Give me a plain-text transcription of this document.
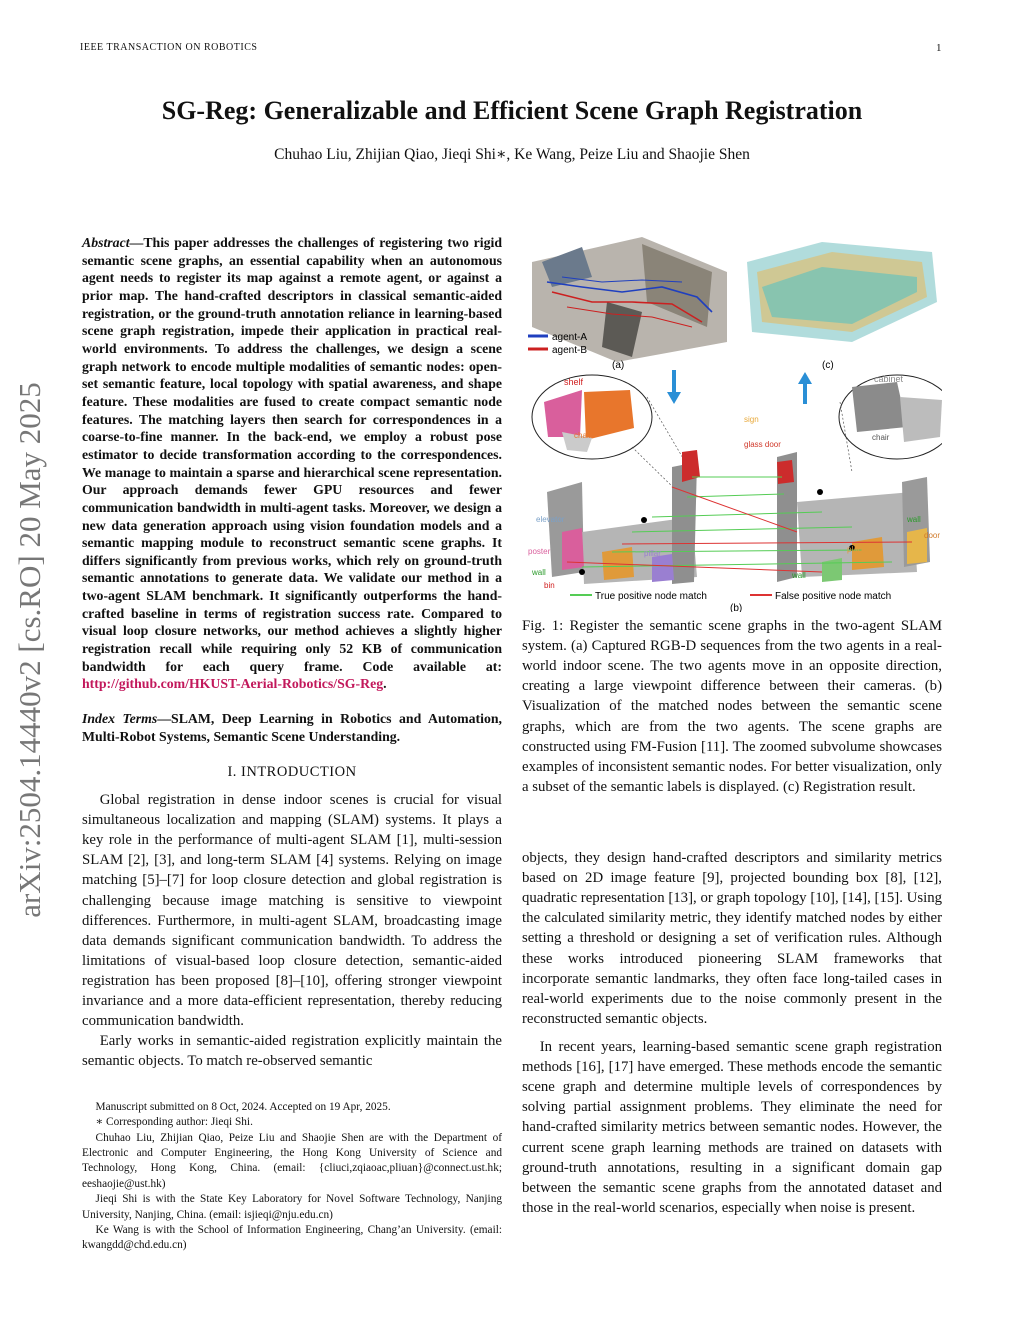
IEEE TRANSACTION ON ROBOTICS	1
SG-Reg: Generalizable and Efficient Scene Graph Registration
Chuhao Liu, Zhijian Qiao, Jieqi Shi∗, Ke Wang, Peize Liu and Shaojie Shen
arXiv:2504.14440v2 [cs.RO] 20 May 2025
Abstract—This paper addresses the challenges of registering two rigid semantic scene graphs, an essential capability when an autonomous agent needs to register its map against a remote agent, or against a prior map. The hand-crafted descriptors in classical semantic-aided registration, or the ground-truth annotation reliance in learning-based scene graph registration, impede their application in practical real-world environments. To address the challenges, we design a scene graph network to encode multiple modalities of semantic nodes: open-set semantic feature, local topology with spatial awareness, and shape feature. These modalities are fused to create compact semantic node features. The matching layers then search for correspondences in a coarse-to-fine manner. In the back-end, we employ a robust pose estimator to decide transformation according to the correspondences. We manage to maintain a sparse and hierarchical scene representation. Our approach demands fewer GPU resources and fewer communication bandwidth in multi-agent tasks. Moreover, we design a new data generation approach using vision foundation models and a semantic mapping module to reconstruct semantic scene graphs. It differs significantly from previous works, which rely on ground-truth semantic annotations to generate data. We validate our method in a two-agent SLAM benchmark. It significantly outperforms the hand-crafted baseline in terms of registration success rate. Compared to visual loop closure networks, our method achieves a slightly higher registration recall while requiring only 52 KB of communication bandwidth for each query frame. Code available at: http://github.com/HKUST-Aerial-Robotics/SG-Reg.
Index Terms—SLAM, Deep Learning in Robotics and Automation, Multi-Robot Systems, Semantic Scene Understanding.
I. INTRODUCTION

Global registration in dense indoor scenes is crucial for visual simultaneous localization and mapping (SLAM) systems. It plays a key role in the performance of multi-agent SLAM [1], multi-session SLAM [2], [3], and long-term SLAM [4] systems. Relying on image matching [5]–[7] for loop closure detection and global registration is challenging because image matching is sensitive to viewpoint differences. Furthermore, in multi-agent SLAM, broadcasting image data demands significant communication bandwidth. To address the limitations of visual-based loop closure detection, semantic-aided registration has been proposed [8]–[10], offering stronger viewpoint invariance and a more data-efficient representation, thereby reducing communication bandwidth.

Early works in semantic-aided registration explicitly maintain the semantic objects. To match re-observed semantic

Manuscript submitted on 8 Oct, 2024. Accepted on 19 Apr, 2025.

∗ Corresponding author: Jieqi Shi.

Chuhao Liu, Zhijian Qiao, Peize Liu and Shaojie Shen are with the Department of Electronic and Computer Engineering, the Hong Kong University of Science and Technology, Hong Kong, China. (email: {cliuci,zqiaoac,pliuan}@connect.ust.hk; eeshaojie@ust.hk)

Jieqi Shi is with the State Key Laboratory for Novel Software Technology, Nanjing University, Nanjing, China. (email: isjieqi@nju.edu.cn)

Ke Wang is with the School of Information Engineering, Chang’an University. (email: kwangdd@chd.edu.cn)

agent-A
agent-B
(a)	(c)
shelf
chair
cabinet
chair
sign
glass door
elevator
poster
wall
plant pillar
bin
wall
door
plant
wall
True positive node match	False positive node match
(b)
Fig. 1: Register the semantic scene graphs in the two-agent SLAM system. (a) Captured RGB-D sequences from the two agents in a real-world indoor scene. The two agents move in an opposite direction, creating a large viewpoint difference between their cameras. (b) Visualization of the matched nodes between the semantic scene graphs, which are from the two agents. The scene graphs are constructed using FM-Fusion [11]. The zoomed subvolume showcases examples of inconsistent semantic nodes. For better visualization, only a subset of the semantic labels is displayed. (c) Registration result.

objects, they design hand-crafted descriptors and similarity metrics based on 2D image feature [9], projected bounding box [8], [12], quadratic representation [13], or graph topology [10], [14], [15]. Using the calculated similarity metric, they identify matched nodes by either setting a threshold or designing a set of verification rules. Although these works introduced pioneering SLAM frameworks that incorporate semantic landmarks, they often face long-tailed cases in real-world experiments due to the noise commonly present in the reconstructed semantic objects.

In recent years, learning-based semantic scene graph registration methods [16], [17] have emerged. These methods encode the semantic scene graph and determine multiple levels of correspondences by solving partial assignment problems. They eliminate the need for hand-crafted similarity metrics between semantic nodes. However, the current scene graph learning methods are trained on datasets with ground-truth annotations, resulting in a significant domain gap between the semantic scene graphs from the annotated dataset and those in the real-world scenarios, especially when noise is present.
